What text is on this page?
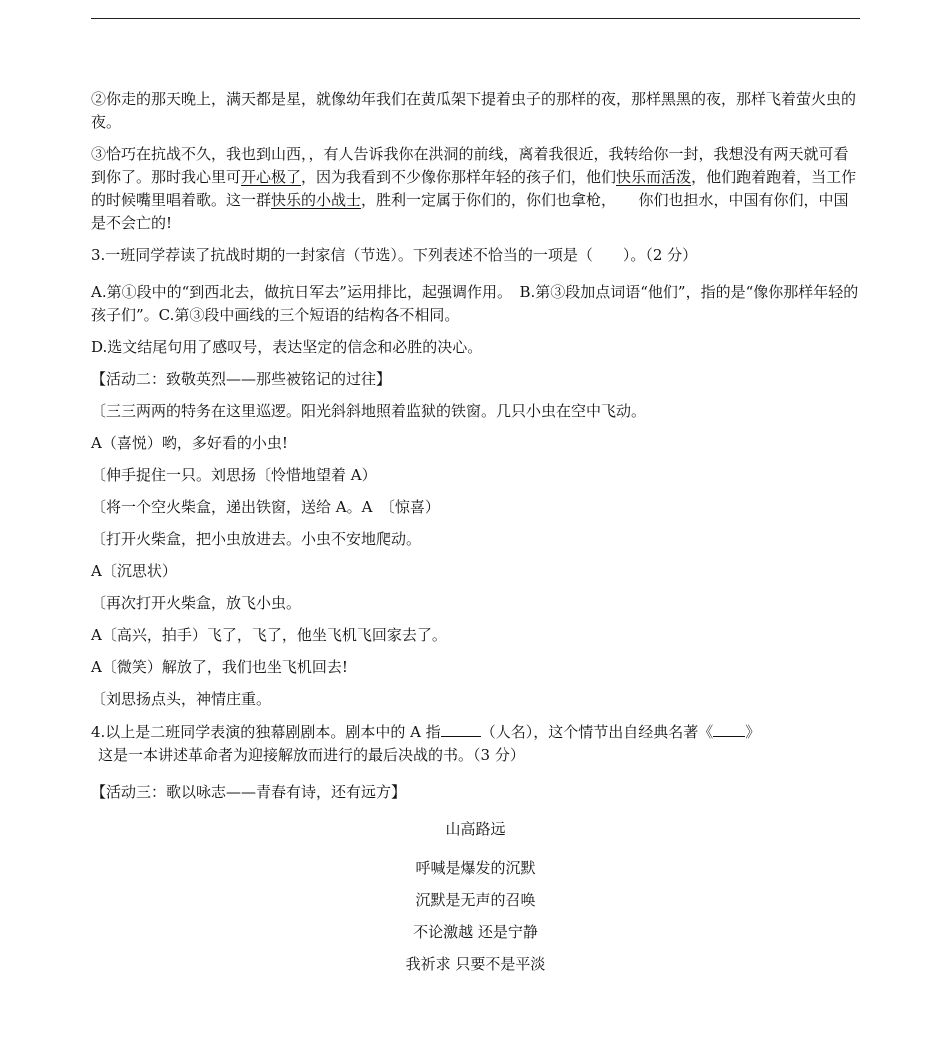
②你走的那天晚上，满天都是星，就像幼年我们在黄瓜架下提着虫子的那样的夜，那样黑黑的夜，那样飞着萤火虫的夜。

③恰巧在抗战不久，我也到山西，，有人告诉我你在洪洞的前线，离着我很近，我转给你一封，我想没有两天就可看到你了。那时我心里可开心极了，因为我看到不少像你那样年轻的孩子们，他们快乐而活泼，他们跑着跑着，当工作的时候嘴里唱着歌。这一群快乐的小战士，胜利一定属于你们的，你们也拿枪，　　你们也担水，中国有你们，中国是不会亡的!

3.一班同学荐读了抗战时期的一封家信（节选）。下列表述不恰当的一项是（　　）。（2 分）

A.第①段中的“到西北去，做抗日军去”运用排比，起强调作用。　B.第③段加点词语“他们”，指的是“像你那样年轻的孩子们”。C.第③段中画线的三个短语的结构各不相同。

D.选文结尾句用了感叹号，表达坚定的信念和必胜的决心。

【活动二：致敬英烈——那些被铭记的过往】

〔三三两两的特务在这里巡逻。阳光斜斜地照着监狱的铁窗。几只小虫在空中飞动。

A（喜悦）哟，多好看的小虫!

〔伸手捉住一只。刘思扬〔怜惜地望着 A）

〔将一个空火柴盒，递出铁窗，送给 A。A　〔惊喜）

〔打开火柴盒，把小虫放进去。小虫不安地爬动。

A〔沉思状）

〔再次打开火柴盒，放飞小虫。

A〔高兴，拍手）飞了，飞了，他坐飞机飞回家去了。

A〔微笑）解放了，我们也坐飞机回去!

〔刘思扬点头，神情庄重。

4.以上是二班同学表演的独幕剧剧本。剧本中的 A 指	（人名），这个情节出自经典名著《 》
这是一本讲述革命者为迎接解放而进行的最后决战的书。（3 分）

【活动三：歌以咏志——青春有诗，还有远方】

山高路远

呼喊是爆发的沉默

沉默是无声的召唤

不论激越 还是宁静

我祈求 只要不是平淡
